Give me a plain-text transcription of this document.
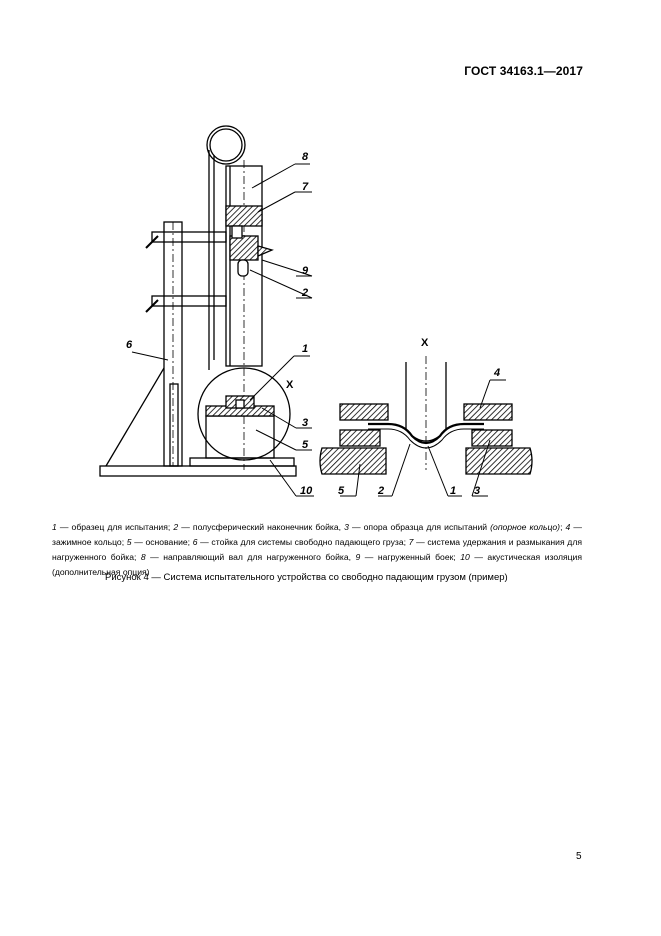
ГОСТ 34163.1—2017
8
7
9
2
6	1
X
3
5
10
X
4
5	2	1 3
1 — образец для испытания; 2 — полусферический наконечник бойка, 3 — опора образца для испытаний (опорное кольцо); 4 — зажимное кольцо; 5 — основание; 6 — стойка для системы свободно падающего груза; 7 — система удержания и размыкания для нагруженного бойка; 8 — направляющий вал для нагруженного бойка, 9 — нагруженный боек; 10 — акустическая изоляция (дополнительная опция)
Рисунок 4 — Система испытательного устройства со свободно падающим грузом (пример)
5
